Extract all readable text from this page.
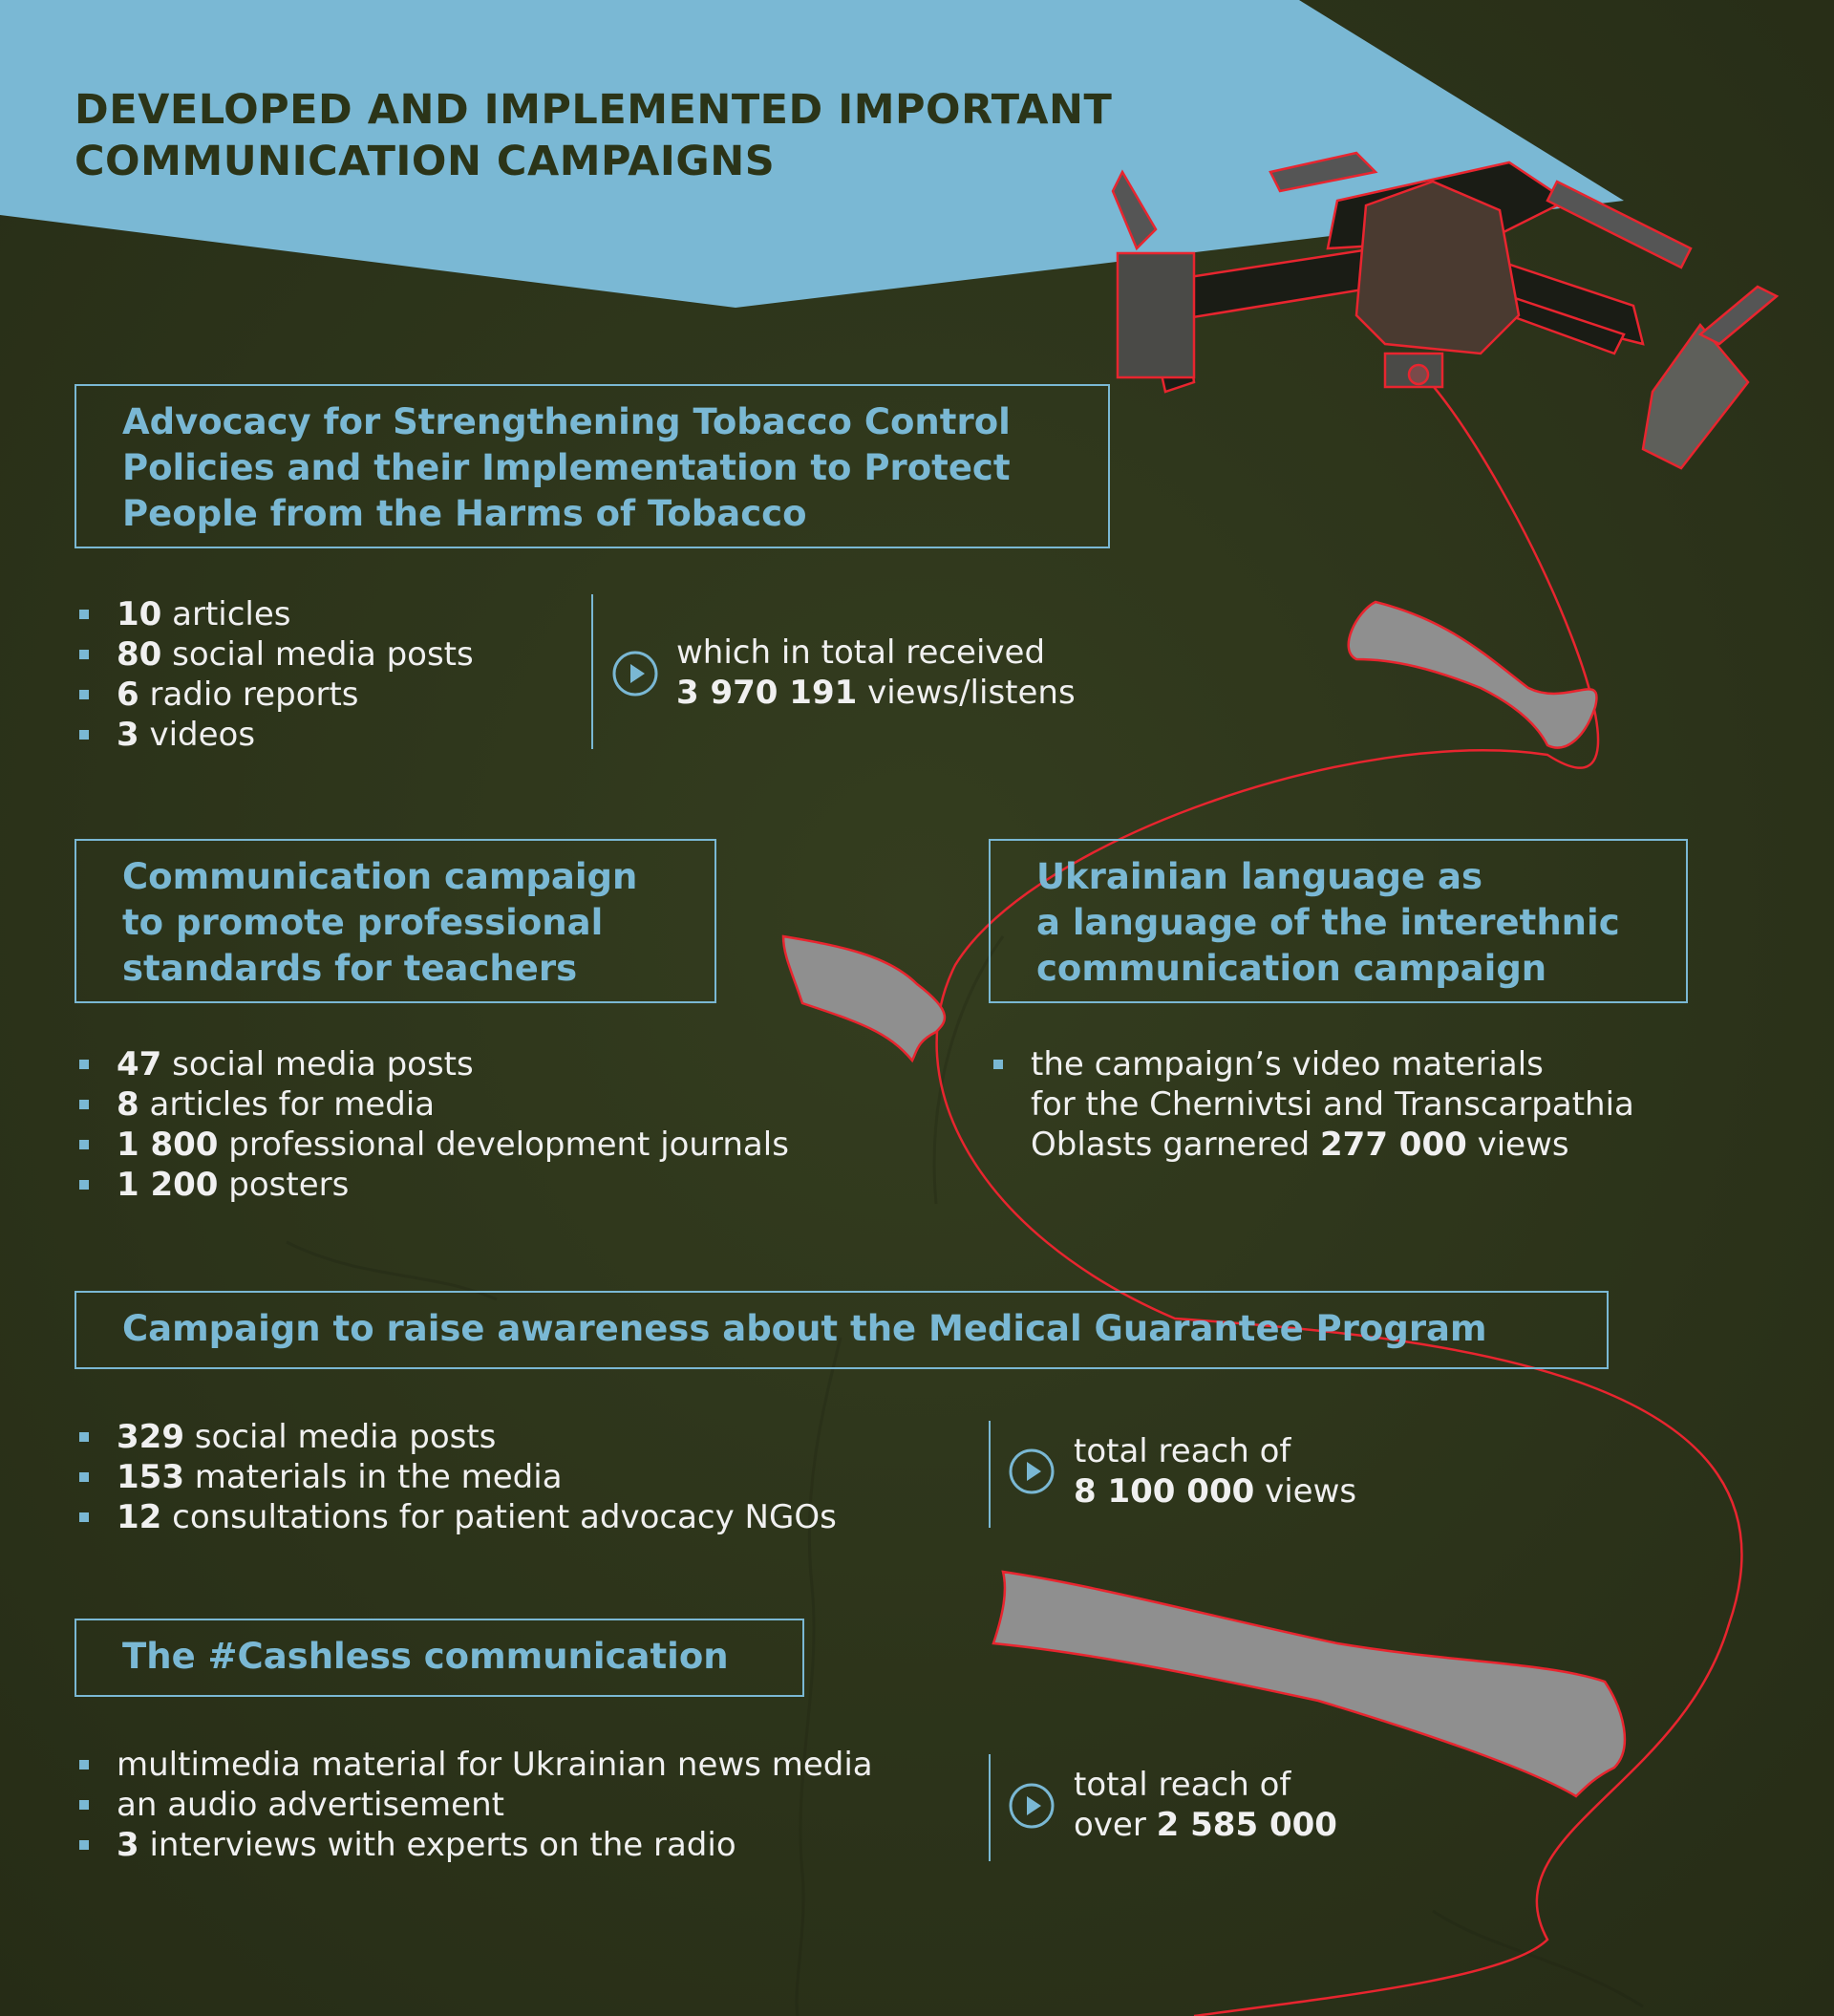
DEVELOPED AND IMPLEMENTED IMPORTANT
COMMUNICATION CAMPAIGNS
Advocacy for Strengthening Tobacco Control
Policies and their Implementation to Protect
People from the Harms of Tobacco
10 articles
80 social media posts
6 radio reports
3 videos
which in total received
3 970 191 views/listens
Communication campaign
to promote professional
standards for teachers
47 social media posts
8 articles for media
1 800 professional development journals
1 200 posters
Ukrainian language as
a language of the interethnic
communication campaign
the campaign’s video materials
for the Chernivtsi and Transcarpathia
Oblasts garnered 277 000 views
Campaign to raise awareness about the Medical Guarantee Program
329 social media posts
153 materials in the media
12 consultations for patient advocacy NGOs
total reach of
8 100 000 views
The #Cashless communication
multimedia material for Ukrainian news media
an audio advertisement
3 interviews with experts on the radio
total reach of
over 2 585 000
